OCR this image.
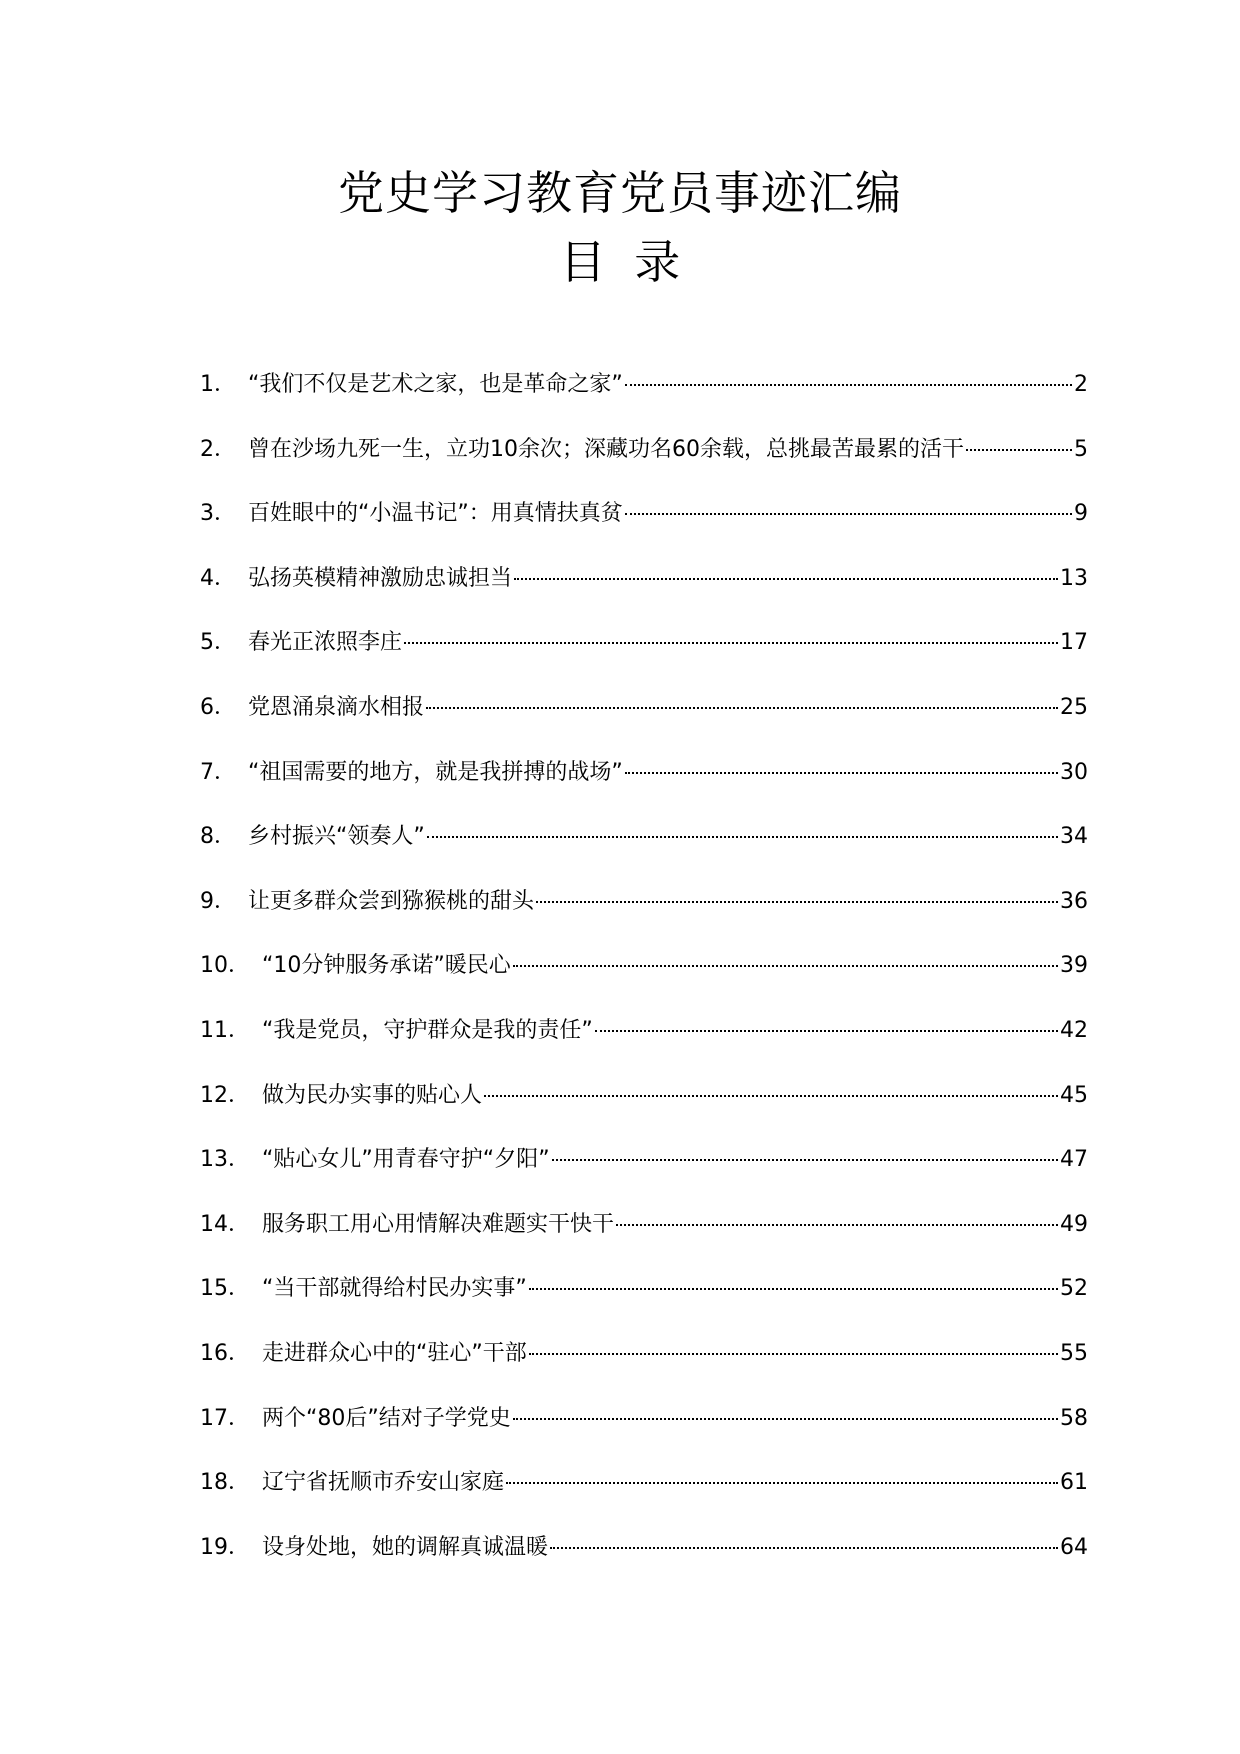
党史学习教育党员事迹汇编
目 录
1． “我们不仅是艺术之家，也是革命之家”	2
2． 曾在沙场九死一生，立功10余次；深藏功名60余载，总挑最苦最累的活干	5
3． 百姓眼中的“小温书记”：用真情扶真贫	9
4． 弘扬英模精神激励忠诚担当	13
5． 春光正浓照李庄	17
6． 党恩涌泉滴水相报	25
7． “祖国需要的地方，就是我拼搏的战场”	30
8． 乡村振兴“领奏人”	34
9． 让更多群众尝到猕猴桃的甜头	36
10． “10分钟服务承诺”暖民心	39
11． “我是党员，守护群众是我的责任”	42
12． 做为民办实事的贴心人	45
13． “贴心女儿”用青春守护“夕阳”	47
14． 服务职工用心用情解决难题实干快干	49
15． “当干部就得给村民办实事”	52
16． 走进群众心中的“驻心”干部	55
17． 两个“80后”结对子学党史	58
18． 辽宁省抚顺市乔安山家庭	61
19． 设身处地，她的调解真诚温暖	64
